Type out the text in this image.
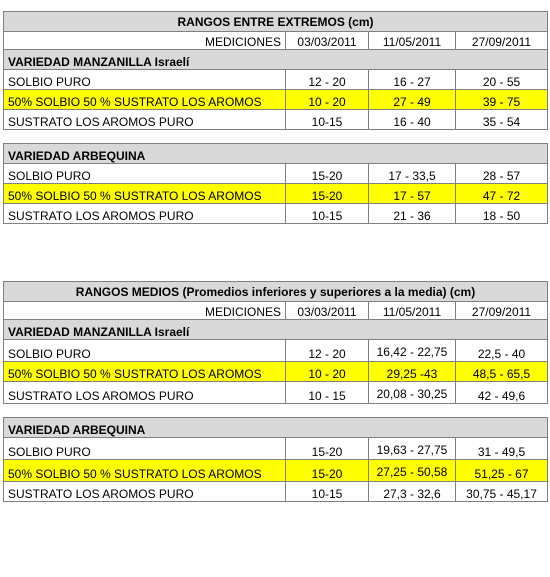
RANGOS ENTRE EXTREMOS (cm)			
MEDICIONES	03/03/2011	11/05/2011	27/09/2011
VARIEDAD MANZANILLA Israelí			
SOLBIO PURO	12 - 20	16 - 27	20 - 55
50% SOLBIO 50 % SUSTRATO LOS AROMOS	10 - 20	27 - 49	39 - 75
SUSTRATO LOS AROMOS PURO	10-15	16 - 40	35 - 54

VARIEDAD ARBEQUINA			
SOLBIO PURO	15-20	17 - 33,5	28 - 57
50% SOLBIO 50 % SUSTRATO LOS AROMOS	15-20	17 - 57	47 - 72
SUSTRATO LOS AROMOS PURO	10-15	21 - 36	18 - 50
RANGOS MEDIOS (Promedios inferiores y superiores a la media) (cm)			
MEDICIONES	03/03/2011	11/05/2011	27/09/2011
VARIEDAD MANZANILLA Israelí			
SOLBIO PURO	12 - 20	16,42 - 22,75	22,5 - 40
50% SOLBIO 50 % SUSTRATO LOS AROMOS	10 - 20	29,25 -43	48,5 - 65,5
SUSTRATO LOS AROMOS PURO	10 - 15	20,08 - 30,25	42 - 49,6

VARIEDAD ARBEQUINA			
SOLBIO PURO	15-20	19,63 - 27,75	31 - 49,5
50% SOLBIO 50 % SUSTRATO LOS AROMOS	15-20	27,25 - 50,58	51,25 - 67
SUSTRATO LOS AROMOS PURO	10-15	27,3 - 32,6	30,75 - 45,17
